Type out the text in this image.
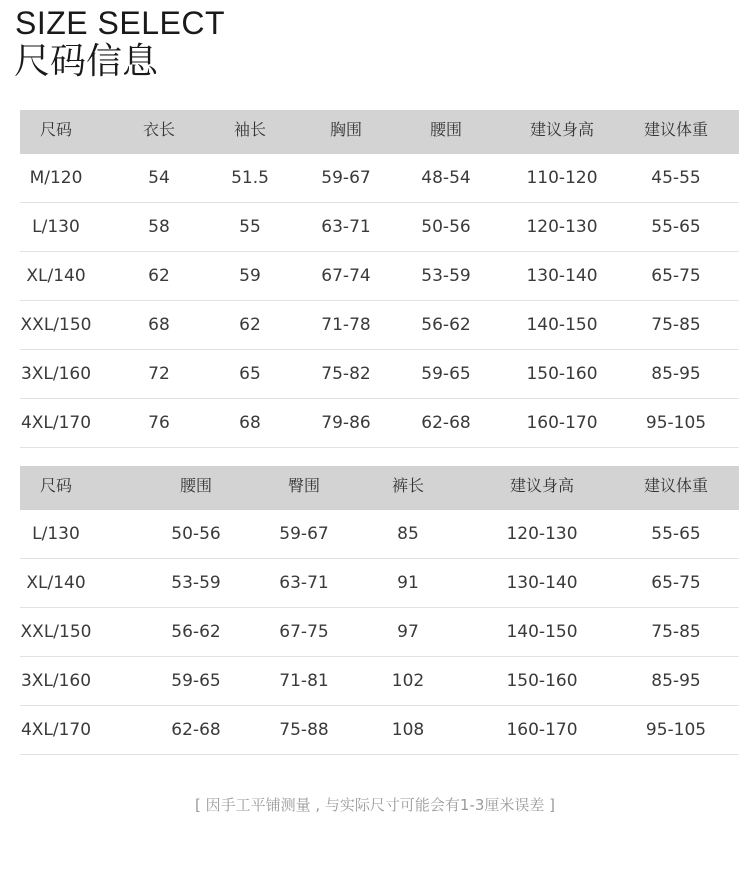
SIZE SELECT
尺码信息
尺码	衣长	袖长	胸围	腰围	建议身高	建议体重
M/120	54	51.5	59-67	48-54	110-120	45-55
L/130	58	55	63-71	50-56	120-130	55-65
XL/140	62	59	67-74	53-59	130-140	65-75
XXL/150	68	62	71-78	56-62	140-150	75-85
3XL/160	72	65	75-82	59-65	150-160	85-95
4XL/170	76	68	79-86	62-68	160-170	95-105
尺码	腰围	臀围	裤长	建议身高	建议体重
L/130	50-56	59-67	85	120-130	55-65
XL/140	53-59	63-71	91	130-140	65-75
XXL/150	56-62	67-75	97	140-150	75-85
3XL/160	59-65	71-81	102	150-160	85-95
4XL/170	62-68	75-88	108	160-170	95-105
[ 因手工平铺测量 , 与实际尺寸可能会有1-3厘米误差 ]
